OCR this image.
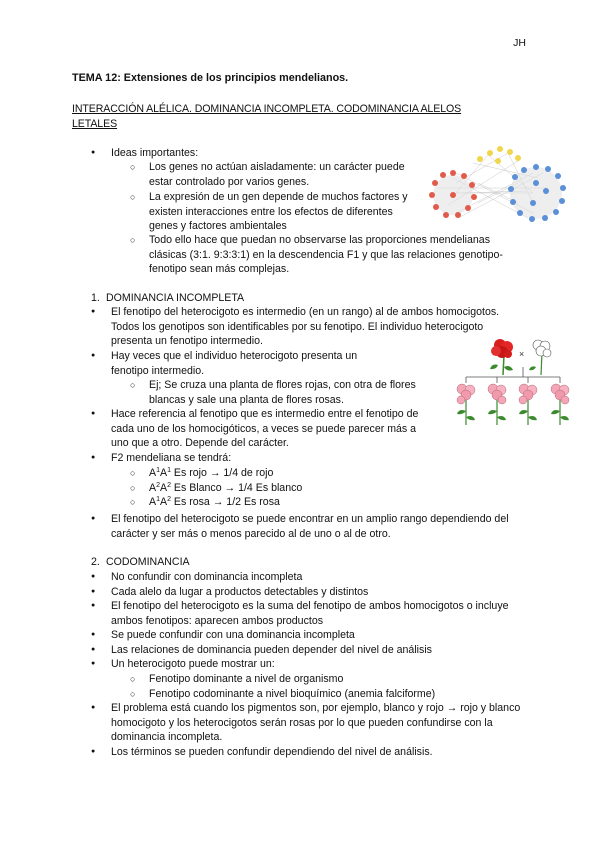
JH
TEMA 12: Extensiones de los principios mendelianos.
INTERACCIÓN ALÉLICA. DOMINANCIA INCOMPLETA. CODOMINANCIA ALELOS LETALES
● Ideas importantes:
○ Los genes no actúan aisladamente: un carácter puede estar controlado por varios genes.
○ La expresión de un gen depende de muchos factores y existen interacciones entre los efectos de diferentes genes y factores ambientales
○ Todo ello hace que puedan no observarse las proporciones mendelianas clásicas (3:1. 9:3:3:1) en la descendencia F1 y que las relaciones genotipo-fenotipo sean más complejas.
1. DOMINANCIA INCOMPLETA
● El fenotipo del heterocigoto es intermedio (en un rango) al de ambos homocigotos. Todos los genotipos son identificables por su fenotipo. El individuo heterocigoto presenta un fenotipo intermedio.
● Hay veces que el individuo heterocigoto presenta un fenotipo intermedio.
○ Ej; Se cruza una planta de flores rojas, con otra de flores blancas y sale una planta de flores rosas.
● Hace referencia al fenotipo que es intermedio entre el fenotipo de cada uno de los homocigóticos, a veces se puede parecer más a uno que a otro. Depende del carácter.
● F2 mendeliana se tendrá:
○ $A^1A^1$ Es rojo → 1/4 de rojo
○ $A^2A^2$ Es Blanco → 1/4 Es blanco
○ $A^1A^2$ Es rosa → 1/2 Es rosa
● El fenotipo del heterocigoto se puede encontrar en un amplio rango dependiendo del carácter y ser más o menos parecido al de uno o al de otro.
×
2. CODOMINANCIA
● No confundir con dominancia incompleta
● Cada alelo da lugar a productos detectables y distintos
● El fenotipo del heterocigoto es la suma del fenotipo de ambos homocigotos o incluye ambos fenotipos: aparecen ambos productos
● Se puede confundir con una dominancia incompleta
● Las relaciones de dominancia pueden depender del nivel de análisis
● Un heterocigoto puede mostrar un:
○ Fenotipo dominante a nivel de organismo
○ Fenotipo codominante a nivel bioquímico (anemia falciforme)
● El problema está cuando los pigmentos son, por ejemplo, blanco y rojo → rojo y blanco homocigoto y los heterocigotos serán rosas por lo que pueden confundirse con la dominancia incompleta.
● Los términos se pueden confundir dependiendo del nivel de análisis.
